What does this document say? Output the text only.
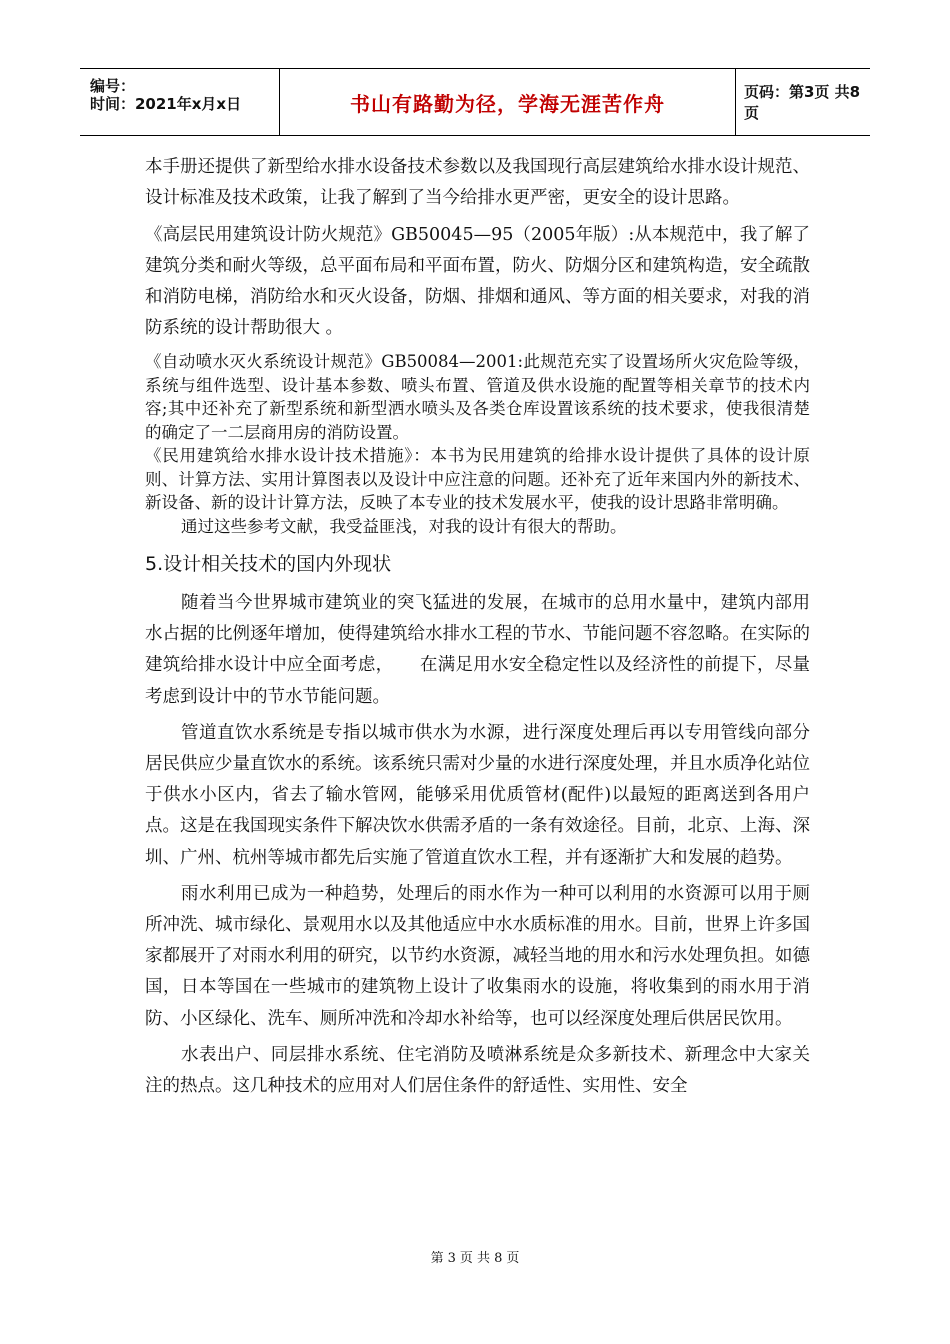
编号：
时间：2021年x月x日	书山有路勤为径，学海无涯苦作舟	页码：第3页 共8页

本手册还提供了新型给水排水设备技术参数以及我国现行高层建筑给水排水设计规范、设计标准及技术政策，让我了解到了当今给排水更严密，更安全的设计思路。

《高层民用建筑设计防火规范》GB50045—95（2005年版）:从本规范中，我了解了建筑分类和耐火等级，总平面布局和平面布置，防火、防烟分区和建筑构造，安全疏散和消防电梯，消防给水和灭火设备，防烟、排烟和通风、等方面的相关要求，对我的消防系统的设计帮助很大 。

《自动喷水灭火系统设计规范》GB50084—2001:此规范充实了设置场所火灾危险等级，系统与组件选型、设计基本参数、喷头布置、管道及供水设施的配置等相关章节的技术内容;其中还补充了新型系统和新型洒水喷头及各类仓库设置该系统的技术要求，使我很清楚的确定了一二层商用房的消防设置。

《民用建筑给水排水设计技术措施》：本书为民用建筑的给排水设计提供了具体的设计原则、计算方法、实用计算图表以及设计中应注意的问题。还补充了近年来国内外的新技术、新设备、新的设计计算方法，反映了本专业的技术发展水平，使我的设计思路非常明确。

通过这些参考文献，我受益匪浅，对我的设计有很大的帮助。

5.设计相关技术的国内外现状

随着当今世界城市建筑业的突飞猛进的发展，在城市的总用水量中，建筑内部用水占据的比例逐年增加，使得建筑给水排水工程的节水、节能问题不容忽略。在实际的建筑给排水设计中应全面考虑，　　在满足用水安全稳定性以及经济性的前提下，尽量考虑到设计中的节水节能问题。

管道直饮水系统是专指以城市供水为水源，进行深度处理后再以专用管线向部分居民供应少量直饮水的系统。该系统只需对少量的水进行深度处理，并且水质净化站位于供水小区内，省去了输水管网，能够采用优质管材(配件)以最短的距离送到各用户点。这是在我国现实条件下解决饮水供需矛盾的一条有效途径。目前，北京、上海、深圳、广州、杭州等城市都先后实施了管道直饮水工程，并有逐渐扩大和发展的趋势。

雨水利用已成为一种趋势，处理后的雨水作为一种可以利用的水资源可以用于厕所冲洗、城市绿化、景观用水以及其他适应中水水质标准的用水。目前，世界上许多国家都展开了对雨水利用的研究，以节约水资源，减轻当地的用水和污水处理负担。如德国，日本等国在一些城市的建筑物上设计了收集雨水的设施，将收集到的雨水用于消防、小区绿化、洗车、厕所冲洗和冷却水补给等，也可以经深度处理后供居民饮用。

水表出户、同层排水系统、住宅消防及喷淋系统是众多新技术、新理念中大家关注的热点。这几种技术的应用对人们居住条件的舒适性、实用性、安全

第 3 页 共 8 页
